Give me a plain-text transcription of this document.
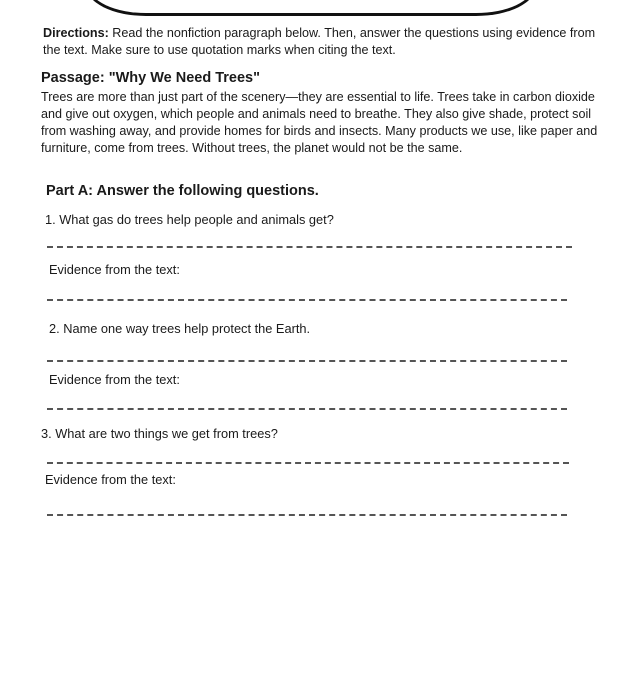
Directions: Read the nonfiction paragraph below. Then, answer the questions using evidence from the text. Make sure to use quotation marks when citing the text.
Passage: "Why We Need Trees"
Trees are more than just part of the scenery—they are essential to life. Trees take in carbon dioxide and give out oxygen, which people and animals need to breathe. They also give shade, protect soil from washing away, and provide homes for birds and insects. Many products we use, like paper and furniture, come from trees. Without trees, the planet would not be the same.
Part A: Answer the following questions.
1. What gas do trees help people and animals get?
Evidence from the text:
2. Name one way trees help protect the Earth.
Evidence from the text:
3. What are two things we get from trees?
Evidence from the text:
